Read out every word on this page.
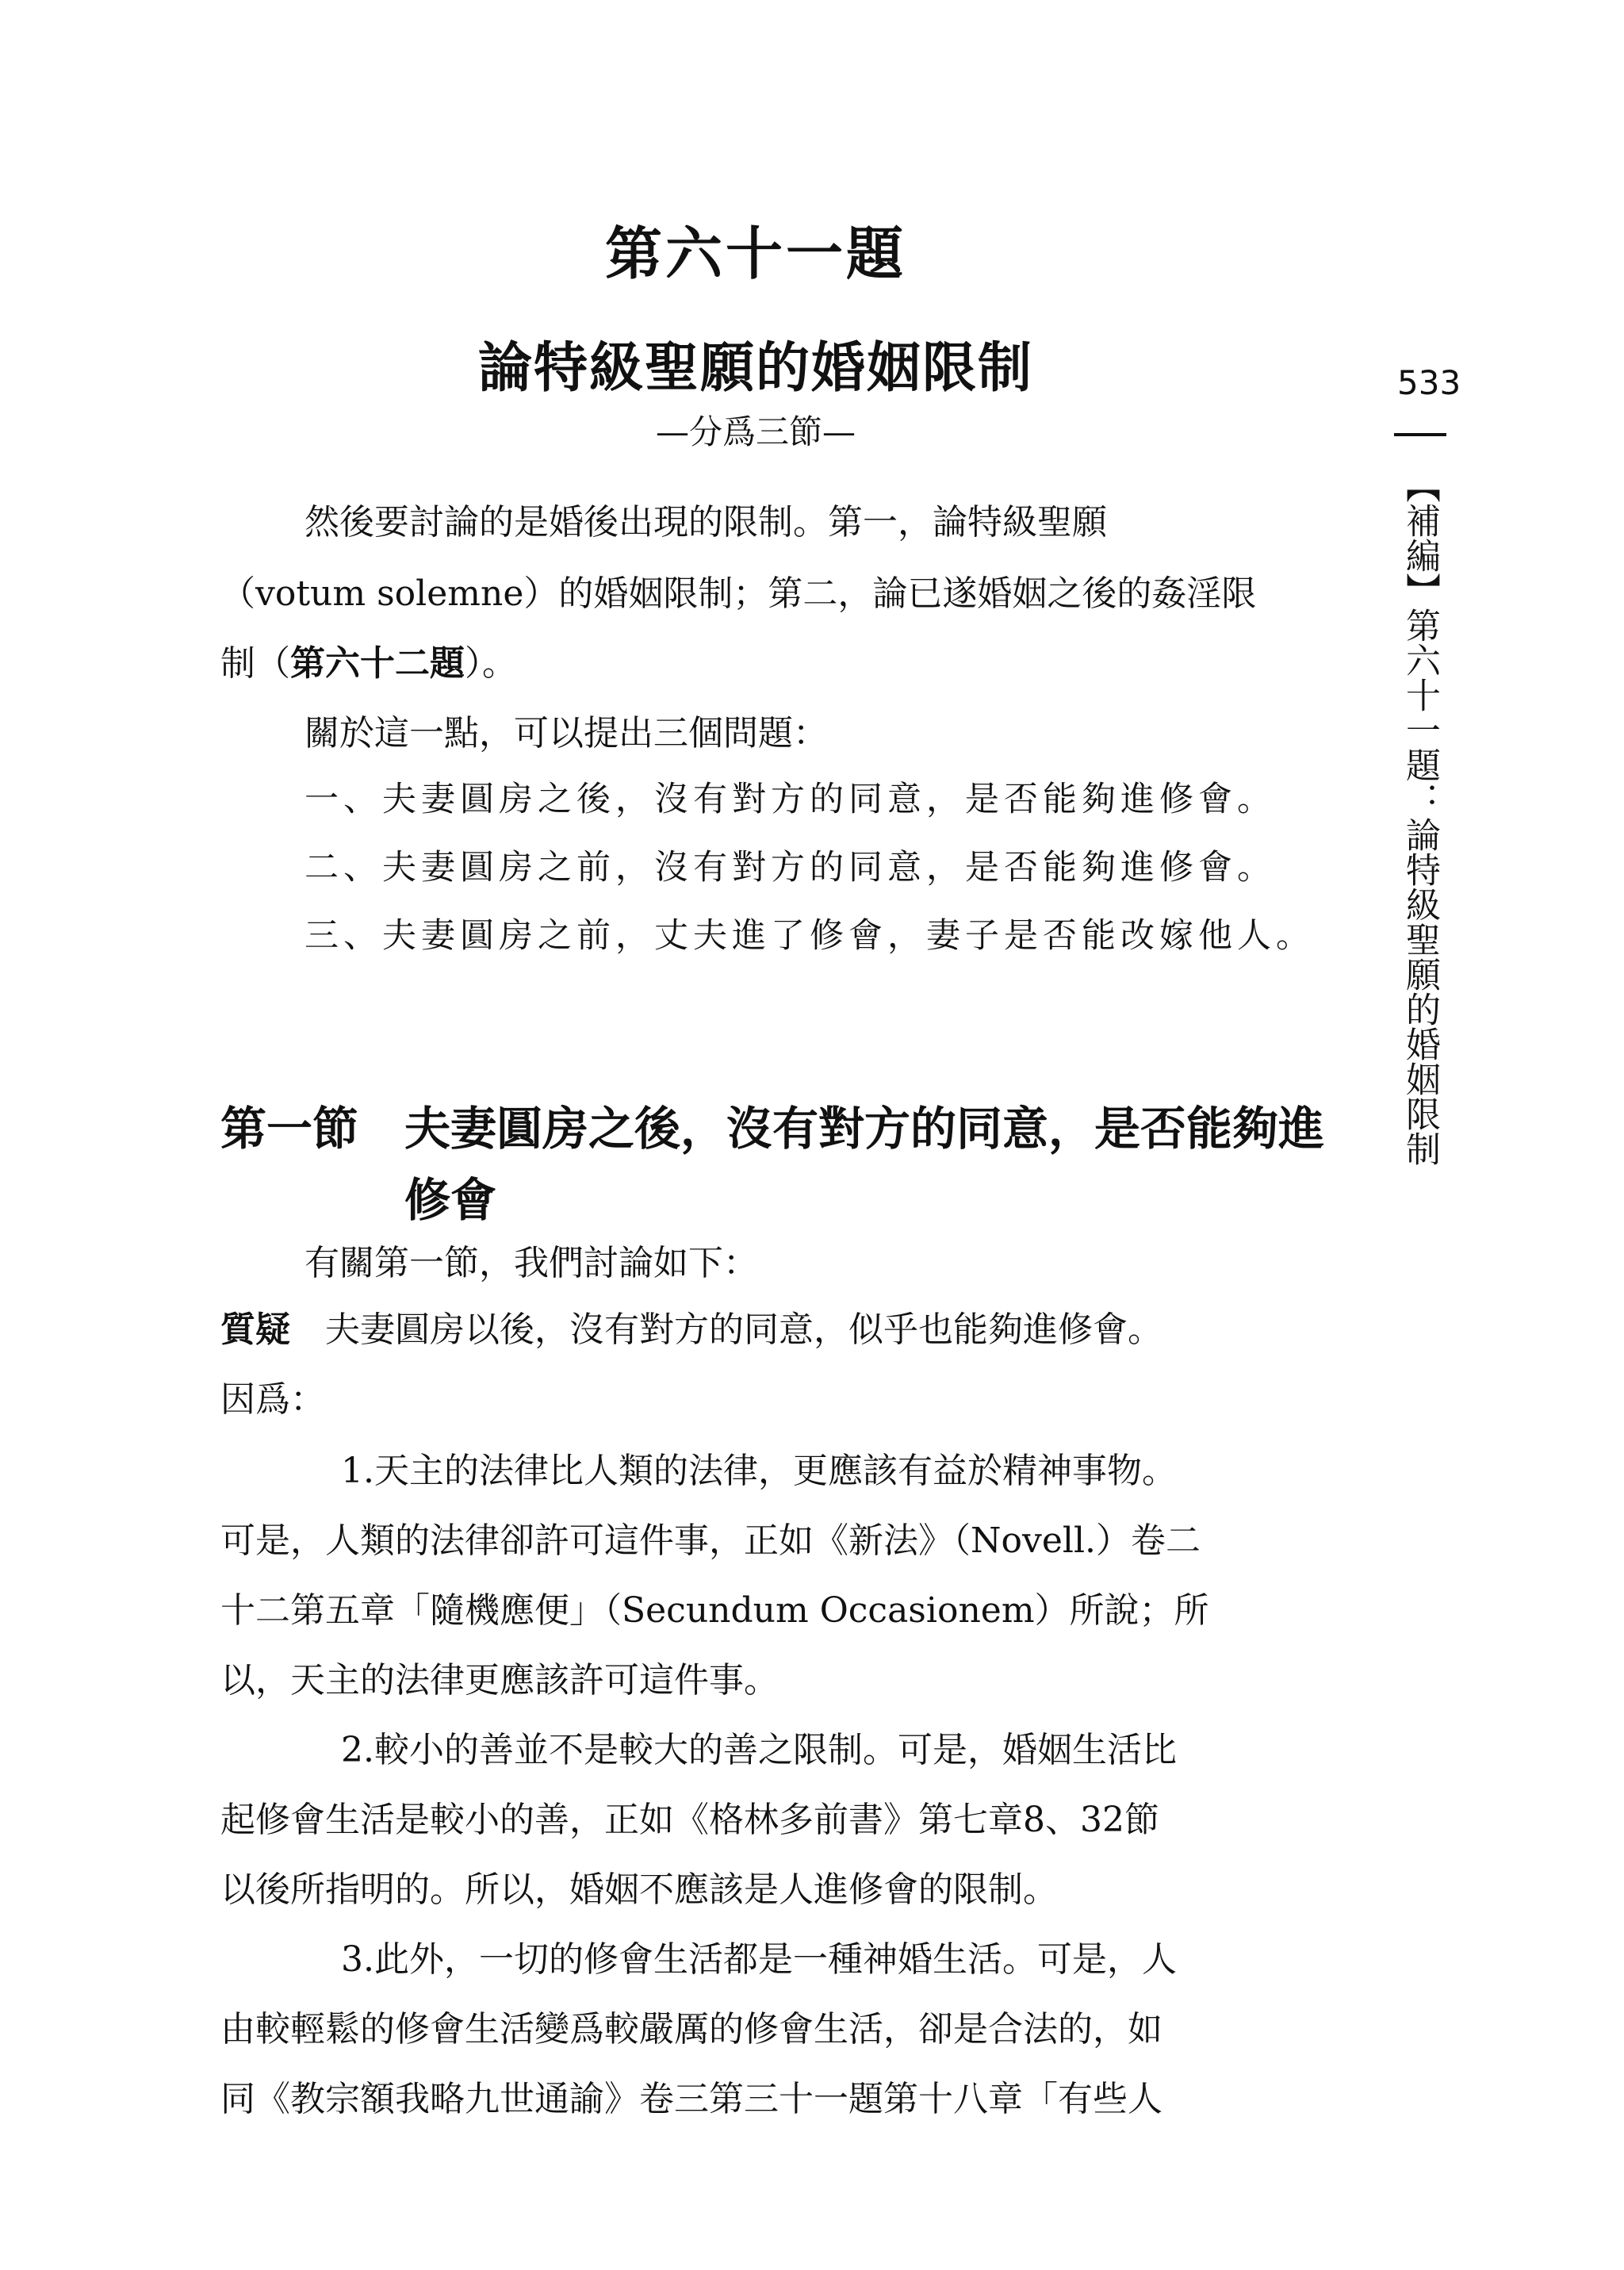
第六十一題
論特級聖願的婚姻限制
—分爲三節—
533
【補編】第六十一題：論特級聖願的婚姻限制
然後要討論的是婚後出現的限制。第一，論特級聖願
（votum solemne）的婚姻限制；第二，論已遂婚姻之後的姦淫限
制（第六十二題）。
關於這一點，可以提出三個問題：
一、夫妻圓房之後，沒有對方的同意，是否能夠進修會。
二、夫妻圓房之前，沒有對方的同意，是否能夠進修會。
三、夫妻圓房之前，丈夫進了修會，妻子是否能改嫁他人。
第一節　夫妻圓房之後，沒有對方的同意，是否能夠進
修會
有關第一節，我們討論如下：
質疑　夫妻圓房以後，沒有對方的同意，似乎也能夠進修會。
因爲：
1.天主的法律比人類的法律，更應該有益於精神事物。
可是，人類的法律卻許可這件事，正如《新法》（Novell.）卷二
十二第五章「隨機應便」（Secundum Occasionem）所說；所
以，天主的法律更應該許可這件事。
2.較小的善並不是較大的善之限制。可是，婚姻生活比
起修會生活是較小的善，正如《格林多前書》第七章8、32節
以後所指明的。所以，婚姻不應該是人進修會的限制。
3.此外，一切的修會生活都是一種神婚生活。可是，人
由較輕鬆的修會生活變爲較嚴厲的修會生活，卻是合法的，如
同《教宗額我略九世通諭》卷三第三十一題第十八章「有些人
